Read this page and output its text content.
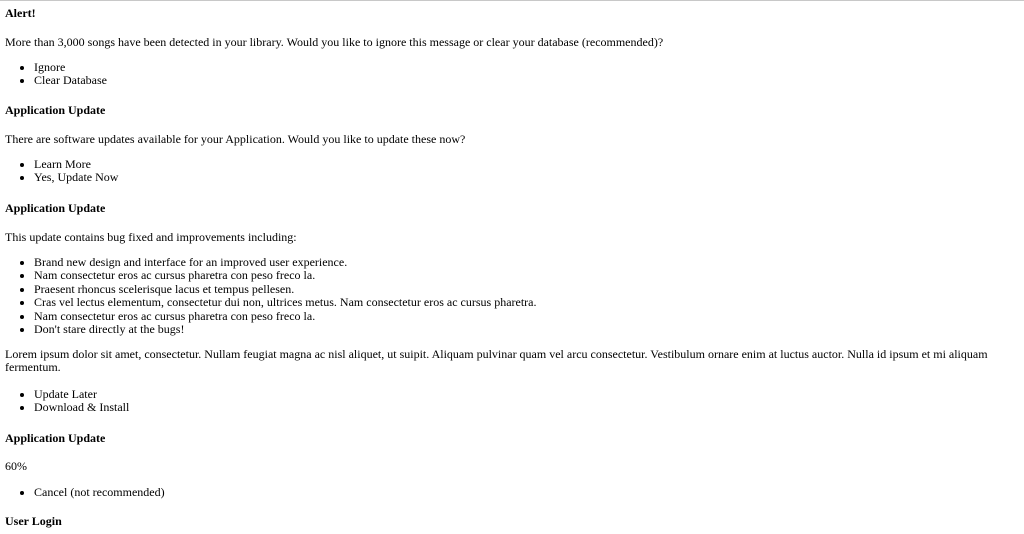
Alert!

More than 3,000 songs have been detected in your library. Would you like to ignore this message or clear your database (recommended)?

• Ignore
• Clear Database
Application Update

There are software updates available for your Application. Would you like to update these now?

• Learn More
• Yes, Update Now
Application Update

This update contains bug fixed and improvements including:

• Brand new design and interface for an improved user experience.
• Nam consectetur eros ac cursus pharetra con peso freco la.
• Praesent rhoncus scelerisque lacus et tempus pellesen.
• Cras vel lectus elementum, consectetur dui non, ultrices metus. Nam consectetur eros ac cursus pharetra.
• Nam consectetur eros ac cursus pharetra con peso freco la.
• Don't stare directly at the bugs!

Lorem ipsum dolor sit amet, consectetur. Nullam feugiat magna ac nisl aliquet, ut suipit. Aliquam pulvinar quam vel arcu consectetur. Vestibulum ornare enim at luctus auctor. Nulla id ipsum et mi aliquam fermentum.

• Update Later
• Download & Install
Application Update

60%

• Cancel (not recommended)
User Login
